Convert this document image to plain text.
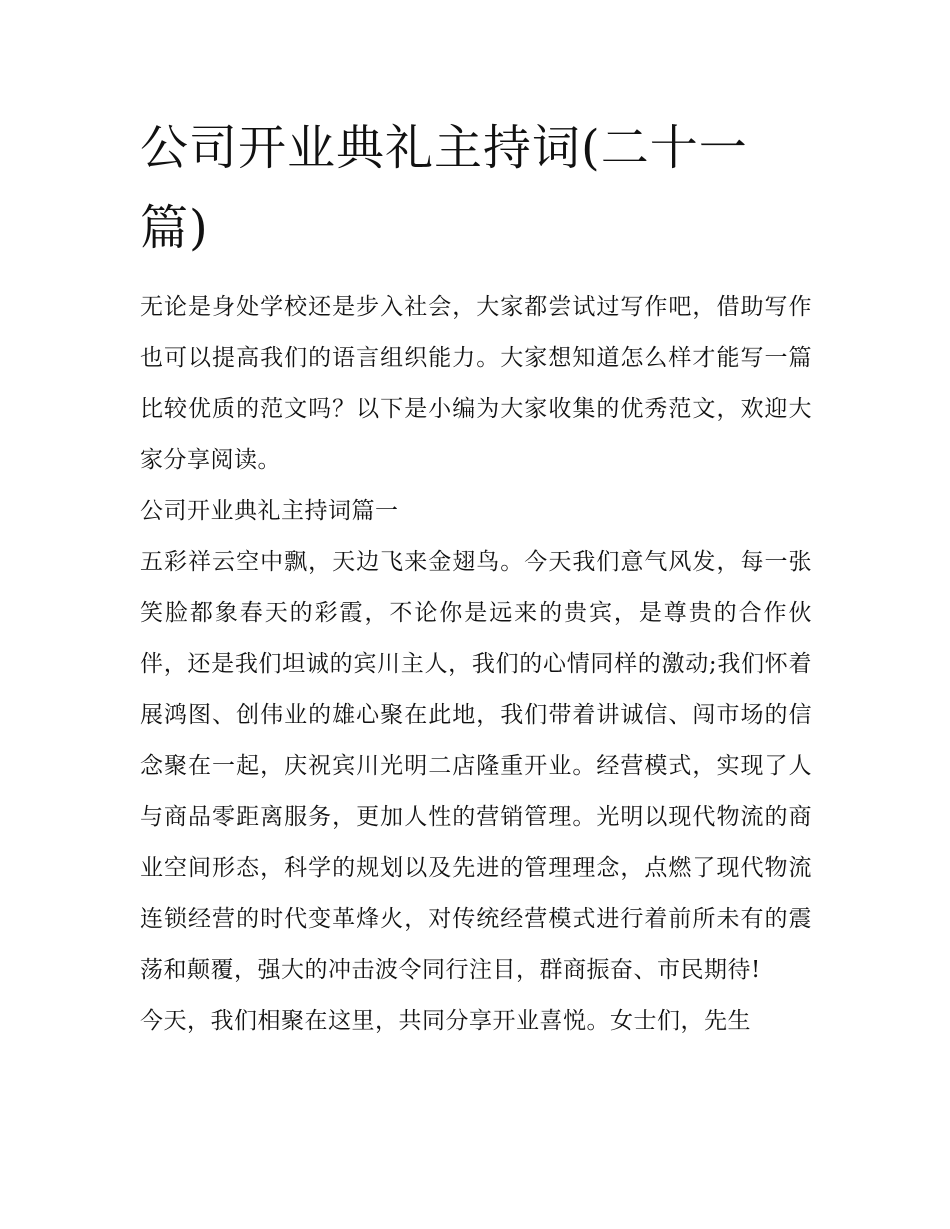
公司开业典礼主持词(二十一篇)

无论是身处学校还是步入社会，大家都尝试过写作吧，借助写作也可以提高我们的语言组织能力。大家想知道怎么样才能写一篇比较优质的范文吗？以下是小编为大家收集的优秀范文，欢迎大家分享阅读。

公司开业典礼主持词篇一

五彩祥云空中飘，天边飞来金翅鸟。今天我们意气风发，每一张笑脸都象春天的彩霞，不论你是远来的贵宾，是尊贵的合作伙伴，还是我们坦诚的宾川主人，我们的心情同样的激动;我们怀着展鸿图、创伟业的雄心聚在此地，我们带着讲诚信、闯市场的信念聚在一起，庆祝宾川光明二店隆重开业。经营模式，实现了人与商品零距离服务，更加人性的营销管理。光明以现代物流的商业空间形态，科学的规划以及先进的管理理念，点燃了现代物流连锁经营的时代变革烽火，对传统经营模式进行着前所未有的震荡和颠覆，强大的冲击波令同行注目，群商振奋、市民期待!

今天，我们相聚在这里，共同分享开业喜悦。女士们，先生
